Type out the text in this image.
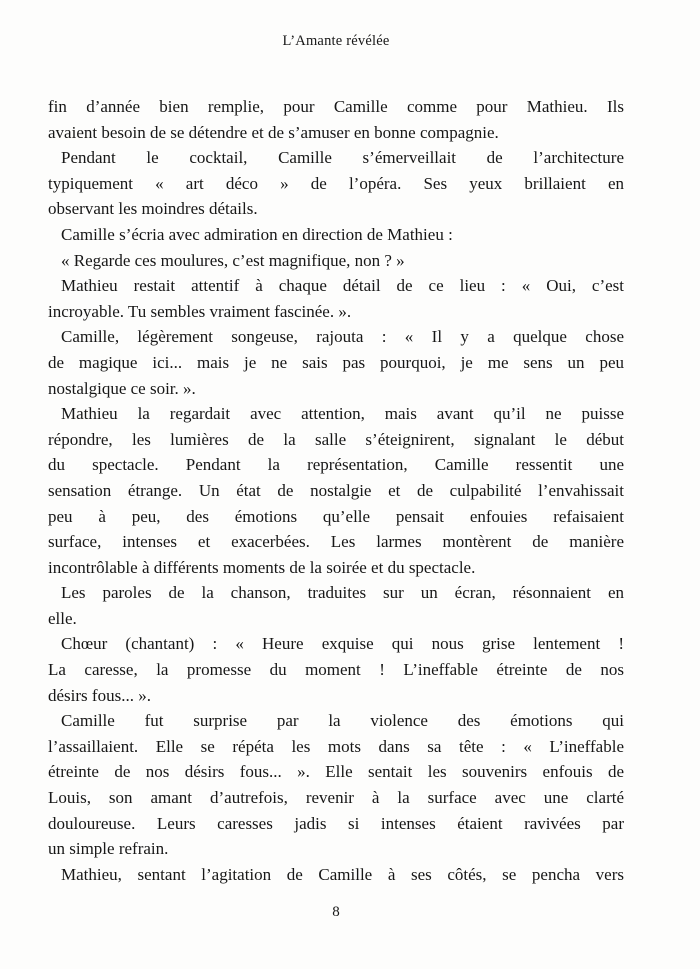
L’Amante révélée
fin d’année bien remplie, pour Camille comme pour Mathieu. Ils
avaient besoin de se détendre et de s’amuser en bonne compagnie.
Pendant le cocktail, Camille s’émerveillait de l’architecture
typiquement « art déco » de l’opéra. Ses yeux brillaient en
observant les moindres détails.
Camille s’écria avec admiration en direction de Mathieu :
« Regarde ces moulures, c’est magnifique, non ? »
Mathieu restait attentif à chaque détail de ce lieu : « Oui, c’est
incroyable. Tu sembles vraiment fascinée. ».
Camille, légèrement songeuse, rajouta : « Il y a quelque chose
de magique ici... mais je ne sais pas pourquoi, je me sens un peu
nostalgique ce soir. ».
Mathieu la regardait avec attention, mais avant qu’il ne puisse
répondre, les lumières de la salle s’éteignirent, signalant le début
du spectacle. Pendant la représentation, Camille ressentit une
sensation étrange. Un état de nostalgie et de culpabilité l’envahissait
peu à peu, des émotions qu’elle pensait enfouies refaisaient
surface, intenses et exacerbées. Les larmes montèrent de manière
incontrôlable à différents moments de la soirée et du spectacle.
Les paroles de la chanson, traduites sur un écran, résonnaient en
elle.
Chœur (chantant) : « Heure exquise qui nous grise lentement !
La caresse, la promesse du moment ! L’ineffable étreinte de nos
désirs fous... ».
Camille fut surprise par la violence des émotions qui
l’assaillaient. Elle se répéta les mots dans sa tête : « L’ineffable
étreinte de nos désirs fous... ». Elle sentait les souvenirs enfouis de
Louis, son amant d’autrefois, revenir à la surface avec une clarté
douloureuse. Leurs caresses jadis si intenses étaient ravivées par
un simple refrain.
Mathieu, sentant l’agitation de Camille à ses côtés, se pencha vers
8
